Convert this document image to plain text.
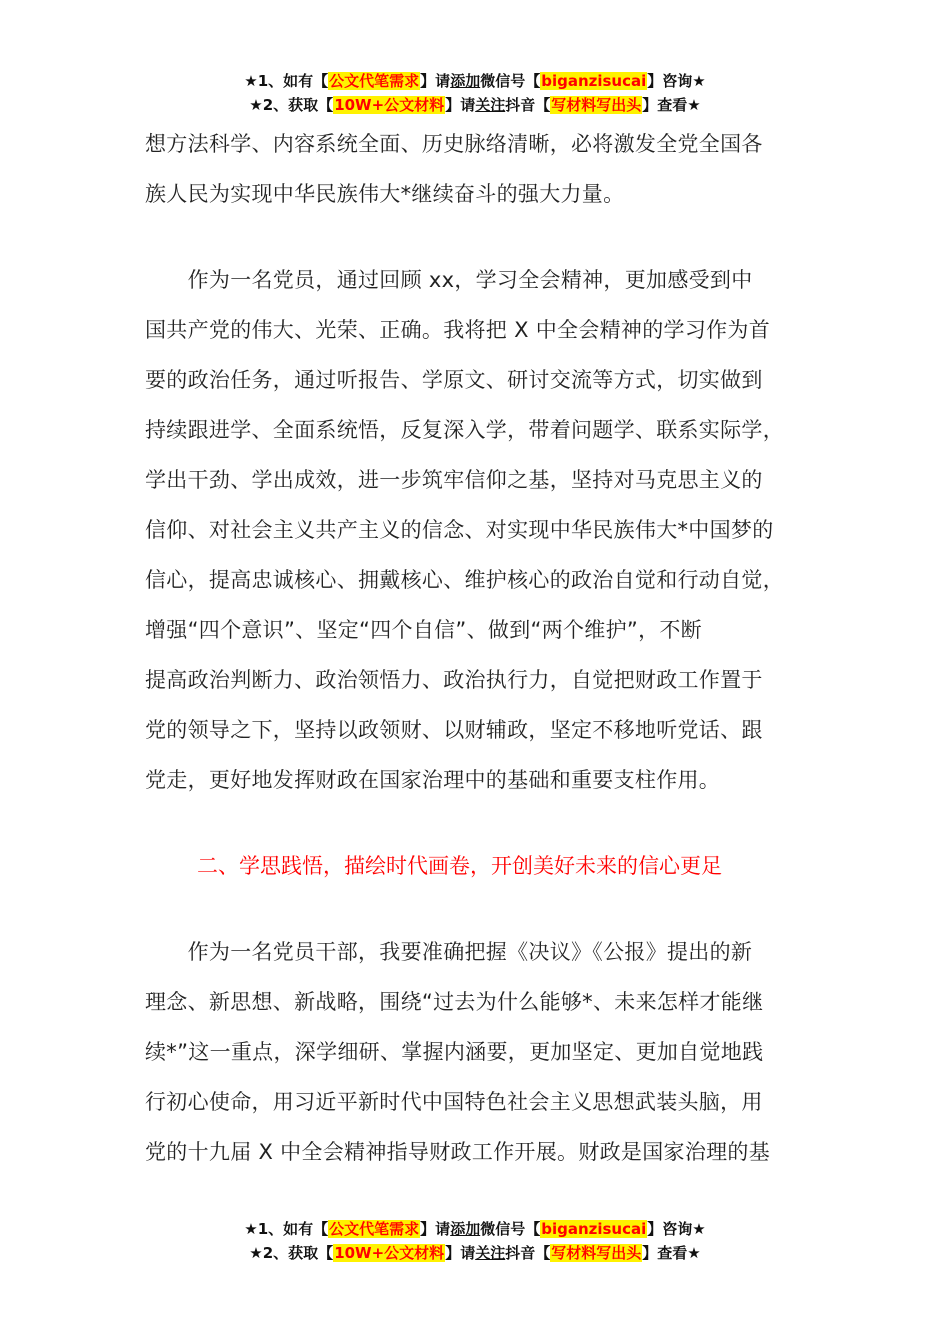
★1、如有【公文代笔需求】请添加微信号【biganzisucai】咨询★
★2、获取【10W+公文材料】请关注抖音【写材料写出头】查看★

想方法科学、内容系统全面、历史脉络清晰，必将激发全党全国各

族人民为实现中华民族伟大*继续奋斗的强大力量。

　　作为一名党员，通过回顾 xx，学习全会精神，更加感受到中

国共产党的伟大、光荣、正确。我将把 X 中全会精神的学习作为首

要的政治任务，通过听报告、学原文、研讨交流等方式，切实做到

持续跟进学、全面系统悟，反复深入学，带着问题学、联系实际学，

学出干劲、学出成效，进一步筑牢信仰之基，坚持对马克思主义的

信仰、对社会主义共产主义的信念、对实现中华民族伟大*中国梦的

信心，提高忠诚核心、拥戴核心、维护核心的政治自觉和行动自觉，

增强“四个意识”、坚定“四个自信”、做到“两个维护”，不断

提高政治判断力、政治领悟力、政治执行力，自觉把财政工作置于

党的领导之下，坚持以政领财、以财辅政，坚定不移地听党话、跟

党走，更好地发挥财政在国家治理中的基础和重要支柱作用。

二、学思践悟，描绘时代画卷，开创美好未来的信心更足

　　作为一名党员干部，我要准确把握《决议》《公报》提出的新

理念、新思想、新战略，围绕“过去为什么能够*、未来怎样才能继

续*”这一重点，深学细研、掌握内涵要，更加坚定、更加自觉地践

行初心使命，用习近平新时代中国特色社会主义思想武装头脑，用

党的十九届 X 中全会精神指导财政工作开展。财政是国家治理的基

★1、如有【公文代笔需求】请添加微信号【biganzisucai】咨询★
★2、获取【10W+公文材料】请关注抖音【写材料写出头】查看★
